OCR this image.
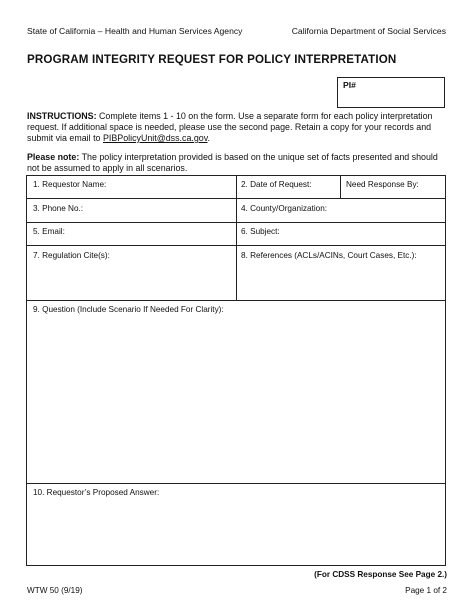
State of California – Health and Human Services Agency	California Department of Social Services
PROGRAM INTEGRITY REQUEST FOR POLICY INTERPRETATION
PI#
INSTRUCTIONS: Complete items 1 - 10 on the form. Use a separate form for each policy interpretation request. If additional space is needed, please use the second page. Retain a copy for your records and submit via email to PIBPolicyUnit@dss.ca.gov.
Please note: The policy interpretation provided is based on the unique set of facts presented and should not be assumed to apply in all scenarios.
1. Requestor Name:	2. Date of Request:	Need Response By:
3. Phone No.:	4. County/Organization:
5. Email:	6. Subject:
7. Regulation Cite(s):	8. References (ACLs/ACINs, Court Cases, Etc.):
9. Question (Include Scenario If Needed For Clarity):
10. Requestor’s Proposed Answer:
(For CDSS Response See Page 2.)
WTW 50 (9/19)	Page 1 of 2
